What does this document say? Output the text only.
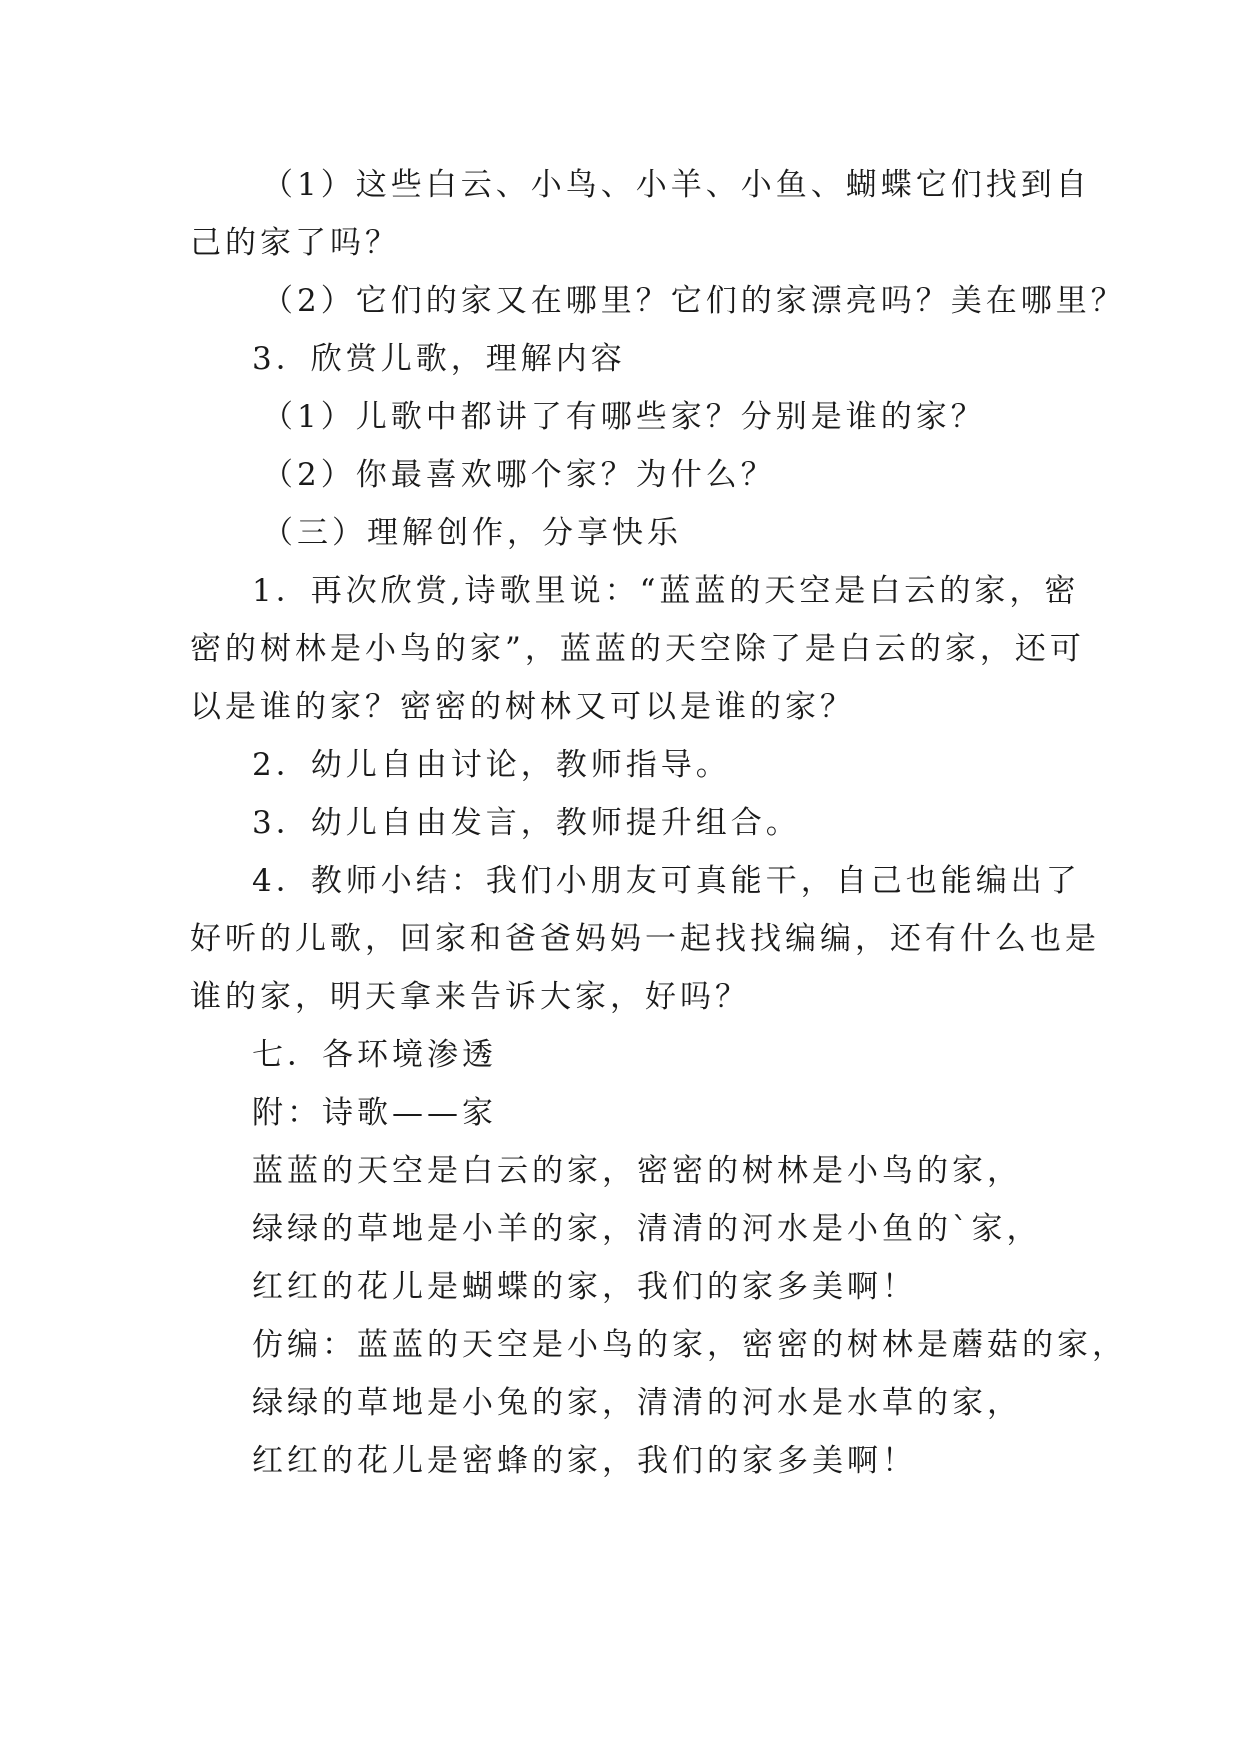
（1）这些白云、小鸟、小羊、小鱼、蝴蝶它们找到自
己的家了吗？
（2）它们的家又在哪里？它们的家漂亮吗？美在哪里？
3．欣赏儿歌，理解内容
（1）儿歌中都讲了有哪些家？分别是谁的家？
（2）你最喜欢哪个家？为什么？
（三）理解创作，分享快乐
1．再次欣赏,诗歌里说：“蓝蓝的天空是白云的家，密
密的树林是小鸟的家”，蓝蓝的天空除了是白云的家，还可
以是谁的家？密密的树林又可以是谁的家？
2．幼儿自由讨论，教师指导。
3．幼儿自由发言，教师提升组合。
4．教师小结：我们小朋友可真能干，自己也能编出了
好听的儿歌，回家和爸爸妈妈一起找找编编，还有什么也是
谁的家，明天拿来告诉大家，好吗？
七．各环境渗透
附：诗歌——家
蓝蓝的天空是白云的家，密密的树林是小鸟的家，
绿绿的草地是小羊的家，清清的河水是小鱼的`家，
红红的花儿是蝴蝶的家，我们的家多美啊！
仿编：蓝蓝的天空是小鸟的家，密密的树林是蘑菇的家，
绿绿的草地是小兔的家，清清的河水是水草的家，
红红的花儿是密蜂的家，我们的家多美啊！
